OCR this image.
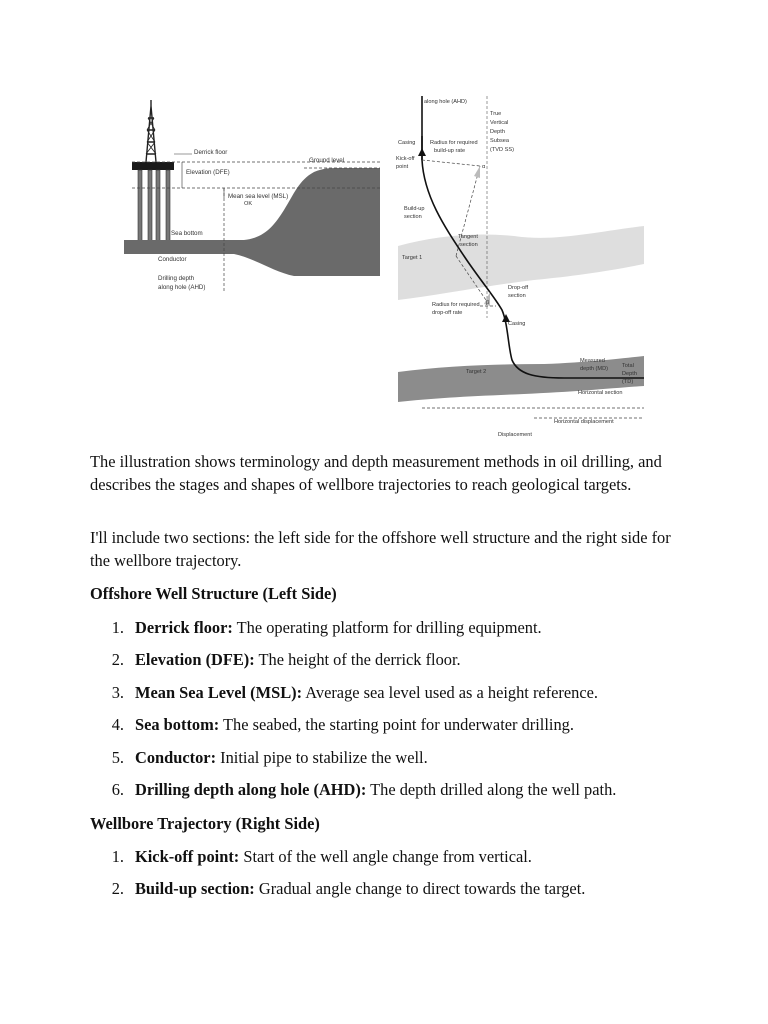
Derrick floor
Elevation (DFE)
Ground level
Mean sea level (MSL)
OK
Sea bottom
Conductor
Drilling depth
along hole (AHD)
along hole (AHD)
True
Vertical
Depth
Subsea
(TVD SS)
Casing	Radius for required
build-up rate
Kick-off
point	α
Build-up
section
Tangent
section
Target 1
Drop-off
section
Radius for required
drop-off rate
β
Casing
Target 2
Measured
depth (MD)	Total
Depth
(TD)
Horizontal section
Horizontal displacement
Displacement
The illustration shows terminology and depth measurement methods in oil drilling, and describes the stages and shapes of wellbore trajectories to reach geological targets.
I'll include two sections: the left side for the offshore well structure and the right side for the wellbore trajectory.
Offshore Well Structure (Left Side)
1. Derrick floor: The operating platform for drilling equipment.
2. Elevation (DFE): The height of the derrick floor.
3. Mean Sea Level (MSL): Average sea level used as a height reference.
4. Sea bottom: The seabed, the starting point for underwater drilling.
5. Conductor: Initial pipe to stabilize the well.
6. Drilling depth along hole (AHD): The depth drilled along the well path.
Wellbore Trajectory (Right Side)
1. Kick-off point: Start of the well angle change from vertical.
2. Build-up section: Gradual angle change to direct towards the target.
